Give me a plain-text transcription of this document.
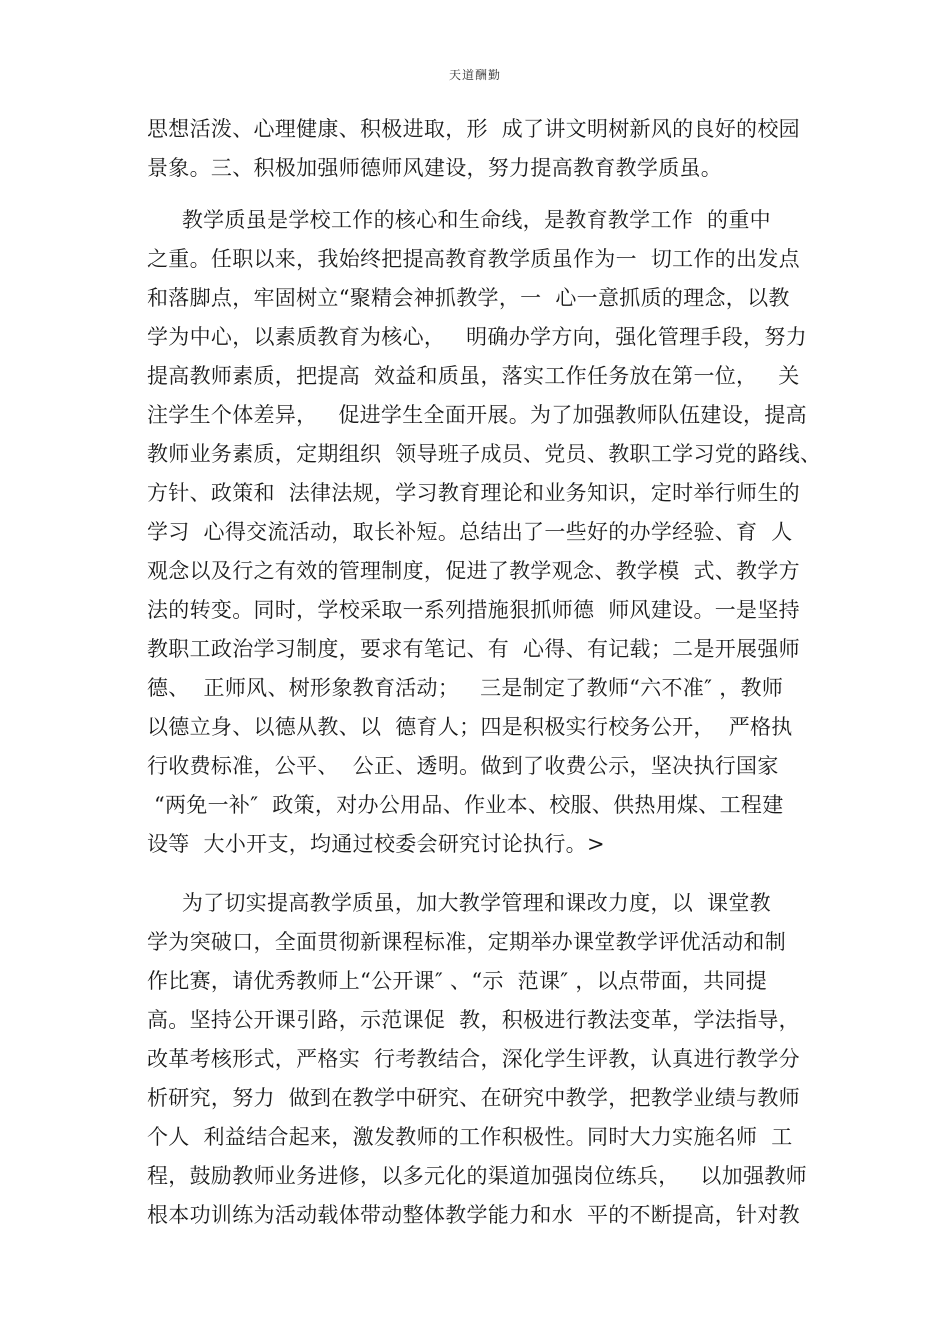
天道酬勤
思想活泼、心理健康、积极进取，形  成了讲文明树新风的良好的校园
景象。三、积极加强师德师风建设，努力提高教育教学质虽。
教学质虽是学校工作的核心和生命线，是教育教学工作  的重中
之重。任职以来，我始终把提高教育教学质虽作为一  切工作的出发点
和落脚点，牢固树立“聚精会神抓教学，一  心一意抓质的理念，以教
学为中心，以素质教育为核心，   明确办学方向，强化管理手段，努力
提高教师素质，把提高  效益和质虽，落实工作任务放在第一位，   关
注学生个体差异，   促进学生全面开展。为了加强教师队伍建设，提高
教师业务素质，定期组织  领导班子成员、党员、教职工学习党的路线、
方针、政策和  法律法规，学习教育理论和业务知识，定时举行师生的
学习  心得交流活动，取长补短。总结出了一些好的办学经验、育  人
观念以及行之有效的管理制度，促进了教学观念、教学模  式、教学方
法的转变。同时，学校采取一系列措施狠抓师德  师风建设。一是坚持
教职工政治学习制度，要求有笔记、有  心得、有记载；二是开展强师
德、  正师风、树形象教育活动；   三是制定了教师“六不准″ ，教师
以德立身、以德从教、以  德育人；四是积极实行校务公开，  严格执
行收费标准，公平、  公正、透明。做到了收费公示，坚决执行国家
“两免一补″  政策，对办公用品、作业本、校服、供热用煤、工程建
设等  大小开支，均通过校委会研究讨论执行。>
为了切实提高教学质虽，加大教学管理和课改力度，以  课堂教
学为突破口，全面贯彻新课程标准，定期举办课堂教学评优活动和制
作比赛，请优秀教师上“公开课″ 、“示  范课″ ，以点带面，共同提
高。坚持公开课引路，示范课促  教，积极进行教法变革，学法指导，
改革考核形式，严格实  行考教结合，深化学生评教，认真进行教学分
析研究，努力  做到在教学中研究、在研究中教学，把教学业绩与教师
个人  利益结合起来，激发教师的工作积极性。同时大力实施名师  工
程，鼓励教师业务进修，以多元化的渠道加强岗位练兵，   以加强教师
根本功训练为活动载体带动整体教学能力和水  平的不断提高，针对教
